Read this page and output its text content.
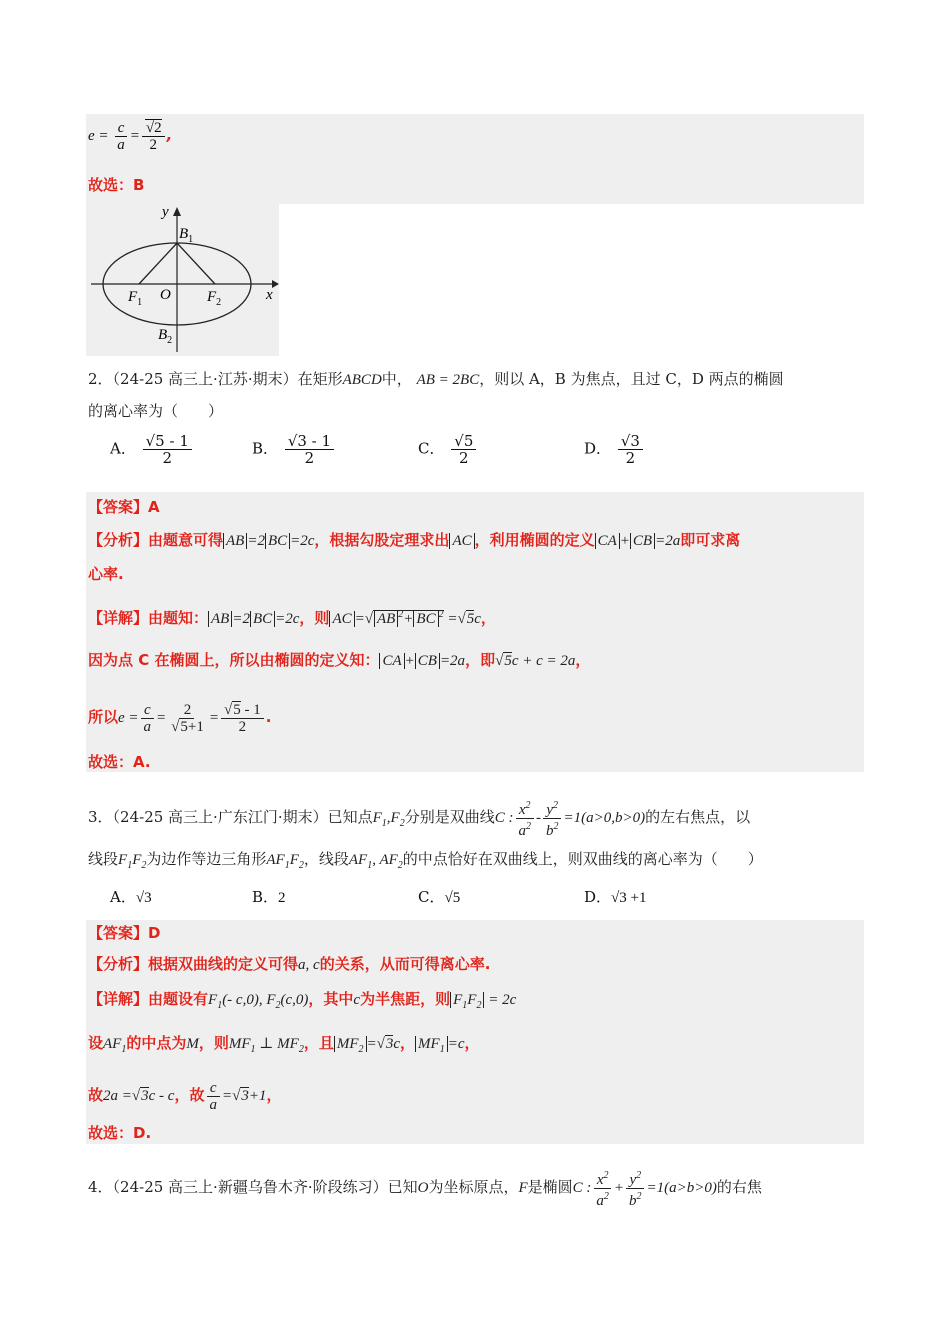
$e = \frac{c}{a} = \frac{√2}{2}$ ,
故选：B
y
$B_1$
$F_1$ O $F_2$	x
$B_2$
2．（24-25 高三上·江苏·期末）在矩形ABCD中， AB = 2BC，则以 A，B 为焦点，且过 C，D 两点的椭圆
的离心率为（　　）
A． $\frac{√5 - 1}{2}$	B． $\frac{√3 - 1}{2}$	C． $\frac{√5}{2}$	D． $\frac{√3}{2}$
【答案】A
【分析】由题意可得 AB =2 BC =2c，根据勾股定理求出 AC ，利用椭圆的定义 CA + CB =2a即可求离
心率.
【详解】由题知： AB =2 BC =2c，则 AC =√ AB $^2$+ BC $^2$ =√5c，
因为点 C 在椭圆上，所以由椭圆的定义知： CA + CB =2a，即√5c + c = 2a，
所以$e = \frac{c}{a} = \frac{2}{√5+1} = \frac{√5 - 1}{2}$ .
故选：A.
3．（24-25 高三上·广东江门·期末）已知点$F_1,F_2$分别是双曲线C : $\frac{x^2}{a^2} - \frac{y^2}{b^2} =1(a>0,b>0)$的左右焦点，以
线段$F_1F_2$为边作等边三角形$AF_1F_2$，线段$AF_1$, $AF_2$的中点恰好在双曲线上，则双曲线的离心率为（　　）
A．√3	B．2	C．√5	D．√3 +1
【答案】D
【分析】根据双曲线的定义可得a, c的关系，从而可得离心率.
【详解】由题设有$F_1(-$ c,0), $F_2(c,0)$，其中c为半焦距，则 $F_1F_2 = 2c$
设$AF_1$的中点为M，则$MF_1$ ⊥ $MF_2$，且 $MF_2 =√3c$， $MF_1 =c$，
故2a =√3c - c，故 $\frac{c}{a} =√3+1$，
故选：D.
4．（24-25 高三上·新疆乌鲁木齐·阶段练习）已知O为坐标原点，F是椭圆C : $\frac{x^2}{a^2} + \frac{y^2}{b^2} =1(a>b>0)$的右焦
